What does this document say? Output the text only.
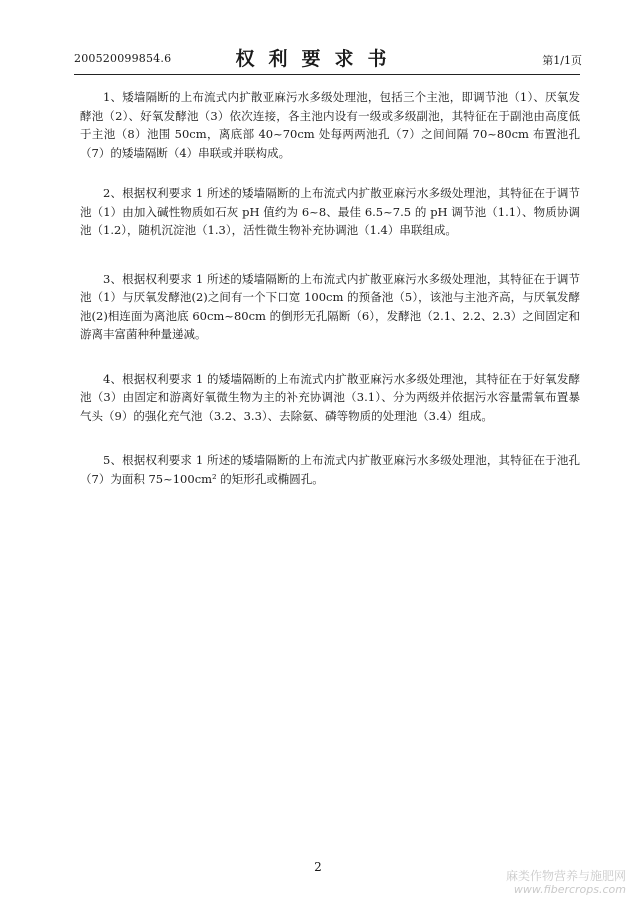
200520099854.6	权利要求书	第1/1页

1、矮墙隔断的上布流式内扩散亚麻污水多级处理池，包括三个主池，即调节池（1）、厌氧发酵池（2）、好氧发酵池（3）依次连接，各主池内设有一级或多级副池，其特征在于副池由高度低于主池（8）池围 50cm，离底部 40~70cm 处每两两池孔（7）之间间隔 70~80cm 布置池孔（7）的矮墙隔断（4）串联或并联构成。

2、根据权利要求 1 所述的矮墙隔断的上布流式内扩散亚麻污水多级处理池，其特征在于调节池（1）由加入碱性物质如石灰 pH 值约为 6~8、最佳 6.5~7.5 的 pH 调节池（1.1）、物质协调池（1.2），随机沉淀池（1.3），活性微生物补充协调池（1.4）串联组成。

3、根据权利要求 1 所述的矮墙隔断的上布流式内扩散亚麻污水多级处理池，其特征在于调节池（1）与厌氧发酵池(2)之间有一个下口宽 100cm 的预备池（5），该池与主池齐高，与厌氧发酵池(2)相连面为离池底 60cm~80cm 的倒形无孔隔断（6），发酵池（2.1、2.2、2.3）之间固定和游离丰富菌种种量递减。

4、根据权利要求 1 的矮墙隔断的上布流式内扩散亚麻污水多级处理池，其特征在于好氧发酵池（3）由固定和游离好氧微生物为主的补充协调池（3.1）、分为两级并依据污水容量需氧布置暴气头（9）的强化充气池（3.2、3.3）、去除氨、磷等物质的处理池（3.4）组成。

5、根据权利要求 1 所述的矮墙隔断的上布流式内扩散亚麻污水多级处理池，其特征在于池孔（7）为面积 75~100cm² 的矩形孔或椭圆孔。

2
麻类作物营养与施肥网
www.fibercrops.com
